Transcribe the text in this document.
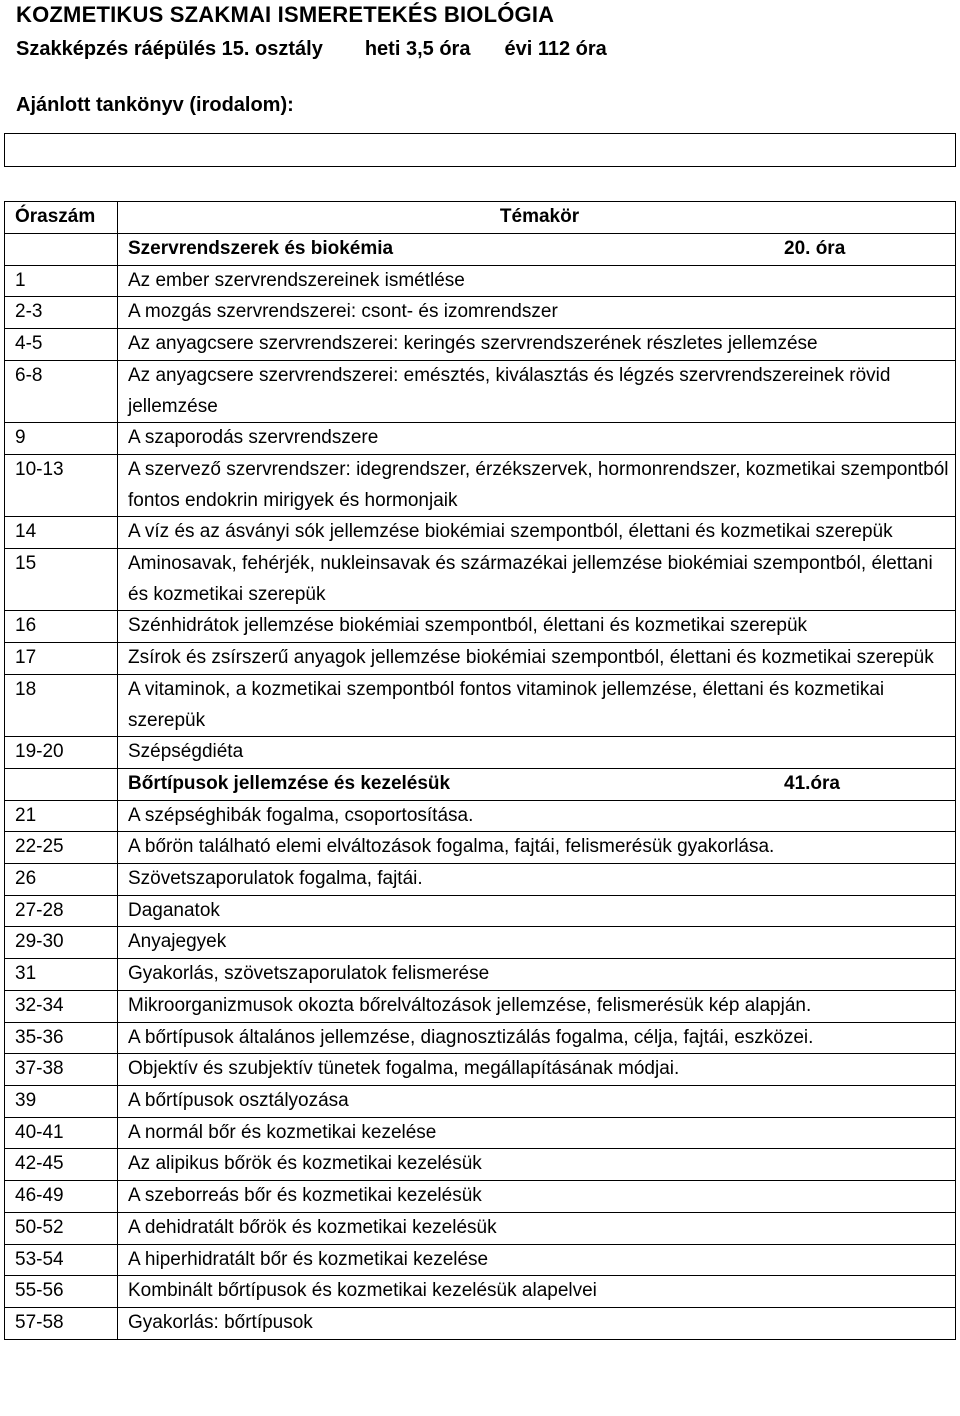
KOZMETIKUS SZAKMAI ISMERETEKÉS BIOLÓGIA
Szakképzés ráépülés 15. osztály heti 3,5 óra évi 112 óra
Ajánlott tankönyv (irodalom):
Óraszám	Témakör

	Szervrendszerek és biokémia 20. óra

1	Az ember szervrendszereinek ismétlése
2-3	A mozgás szervrendszerei: csont- és izomrendszer
4-5	Az anyagcsere szervrendszerei: keringés szervrendszerének részletes jellemzése
6-8	Az anyagcsere szervrendszerei: emésztés, kiválasztás és légzés szervrendszereinek rövid jellemzése
9	A szaporodás szervrendszere
10-13	A szervező szervrendszer: idegrendszer, érzékszervek, hormonrendszer, kozmetikai szempontból fontos endokrin mirigyek és hormonjaik
14	A víz és az ásványi sók jellemzése biokémiai szempontból, élettani és kozmetikai szerepük
15	Aminosavak, fehérjék, nukleinsavak és származékai jellemzése biokémiai szempontból, élettani és kozmetikai szerepük
16	Szénhidrátok jellemzése biokémiai szempontból, élettani és kozmetikai szerepük
17	Zsírok és zsírszerű anyagok jellemzése biokémiai szempontból, élettani és kozmetikai szerepük
18	A vitaminok, a kozmetikai szempontból fontos vitaminok jellemzése, élettani és kozmetikai szerepük
19-20	Szépségdiéta

	Bőrtípusok jellemzése és kezelésük 41.óra

21	A szépséghibák fogalma, csoportosítása.
22-25	A bőrön található elemi elváltozások fogalma, fajtái, felismerésük gyakorlása.
26	Szövetszaporulatok fogalma, fajtái.
27-28	Daganatok
29-30	Anyajegyek
31	Gyakorlás, szövetszaporulatok felismerése
32-34	Mikroorganizmusok okozta bőrelváltozások jellemzése, felismerésük kép alapján.
35-36	A bőrtípusok általános jellemzése, diagnosztizálás fogalma, célja, fajtái, eszközei.
37-38	Objektív és szubjektív tünetek fogalma, megállapításának módjai.
39	A bőrtípusok osztályozása
40-41	A normál bőr és kozmetikai kezelése
42-45	Az alipikus bőrök és kozmetikai kezelésük
46-49	A szeborreás bőr és kozmetikai kezelésük
50-52	A dehidratált bőrök és kozmetikai kezelésük
53-54	A hiperhidratált bőr és kozmetikai kezelése
55-56	Kombinált bőrtípusok és kozmetikai kezelésük alapelvei
57-58	Gyakorlás: bőrtípusok
